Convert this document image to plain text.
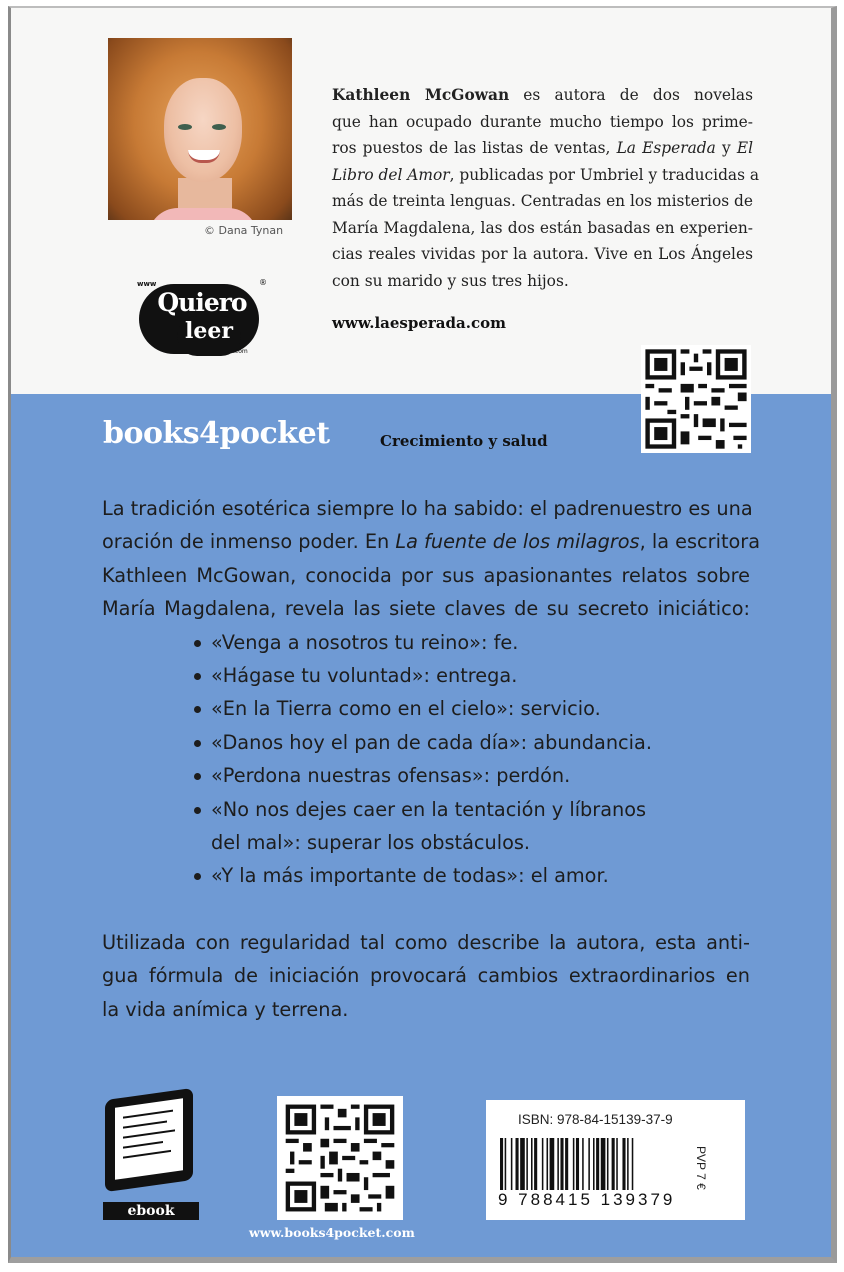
© Dana Tynan
www	®
Quiero
leer
.com
Kathleen McGowan es autora de dos novelas
que han ocupado durante mucho tiempo los prime-
ros puestos de las listas de ventas, La Esperada y El
Libro del Amor, publicadas por Umbriel y traducidas a
más de treinta lenguas. Centradas en los misterios de
María Magdalena, las dos están basadas en experien-
cias reales vividas por la autora. Vive en Los Ángeles
con su marido y sus tres hijos.
www.laesperada.com
books4pocket	Crecimiento y salud
La tradición esotérica siempre lo ha sabido: el padrenuestro es una
oración de inmenso poder. En La fuente de los milagros, la escritora
Kathleen McGowan, conocida por sus apasionantes relatos sobre
María Magdalena, revela las siete claves de su secreto iniciático:
«Venga a nosotros tu reino»: fe.
«Hágase tu voluntad»: entrega.
«En la Tierra como en el cielo»: servicio.
«Danos hoy el pan de cada día»: abundancia.
«Perdona nuestras ofensas»: perdón.
«No nos dejes caer en la tentación y líbranos del mal»: superar los obstáculos.
«Y la más importante de todas»: el amor.
Utilizada con regularidad tal como describe la autora, esta anti-
gua fórmula de iniciación provocará cambios extraordinarios en
la vida anímica y terrena.
ebook
ISBN: 978-84-15139-37-9
9 788415 139379
PVP 7 €
www.books4pocket.com
